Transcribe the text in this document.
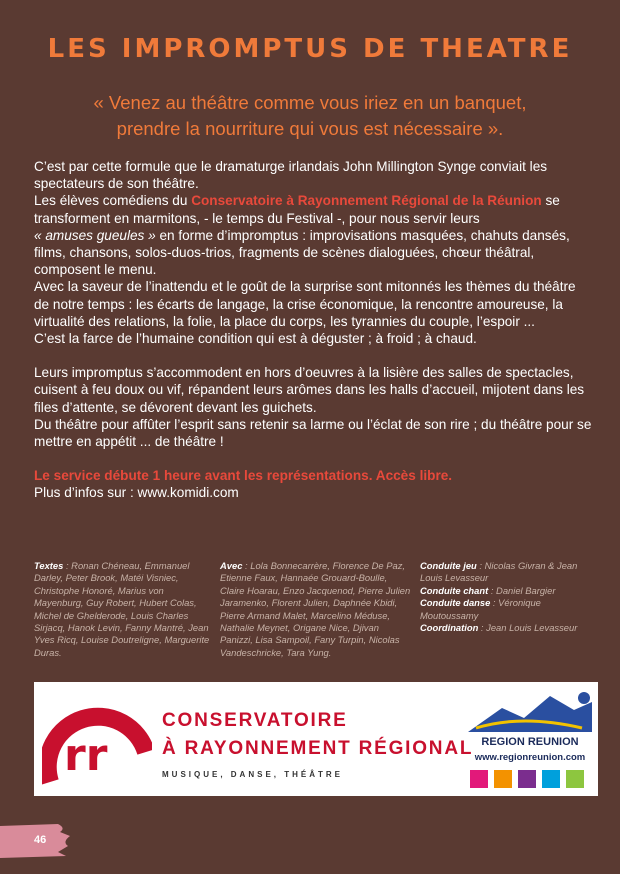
LES IMPROMPTUS DE THEATRE
« Venez au théâtre comme vous iriez en un banquet,
prendre la nourriture qui vous est nécessaire ».

C’est par cette formule que le dramaturge irlandais John Millington Synge conviait les spectateurs de son théâtre.

Les élèves comédiens du Conservatoire à Rayonnement Régional de la Réunion se transforment en marmitons, - le temps du Festival -, pour nous servir leurs

« amuses gueules » en forme d’impromptus : improvisations masquées, chahuts dansés, films, chansons, solos-duos-trios, fragments de scènes dialoguées, chœur théâtral, composent le menu.

Avec la saveur de l’inattendu et le goût de la surprise sont mitonnés les thèmes du théâtre de notre temps : les écarts de langage, la crise économique, la rencontre amoureuse, la virtualité des relations, la folie, la place du corps, les tyrannies du couple, l’espoir ...

C’est la farce de l’humaine condition qui est à déguster ; à froid ; à chaud.

Leurs impromptus s’accommodent en hors d’oeuvres à la lisière des salles de spectacles, cuisent à feu doux ou vif, répandent leurs arômes dans les halls d’accueil, mijotent dans les files d’attente, se dévorent devant les guichets.

Du théâtre pour affûter l’esprit sans retenir sa larme ou l’éclat de son rire ; du théâtre pour se mettre en appétit ... de théâtre !

Le service débute 1 heure avant les représentations. Accès libre.

Plus d’infos sur : www.komidi.com

Textes : Ronan Chéneau, Emmanuel Darley, Peter Brook, Matéi Visniec, Christophe Honoré, Marius von Mayenburg, Guy Robert, Hubert Colas, Michel de Ghelderode, Louis Charles Sirjacq, Hanok Levin, Fanny Mantré, Jean Yves Ricq, Louise Doutreligne, Marguerite Duras.
Avec : Lola Bonnecarrère, Florence De Paz, Etienne Faux, Hannaée Grouard-Boulle, Claire Hoarau, Enzo Jacquenod, Pierre Julien Jaramenko, Florent Julien, Daphnée Kbidi, Pierre Armand Malet, Marcelino Méduse, Nathalie Meynet, Origane Nice, Djivan Panizzi, Lisa Sampoil, Fany Turpin, Nicolas Vandeschricke, Tara Yung.
Conduite jeu : Nicolas Givran & Jean Louis Levasseur
Conduite chant : Daniel Bargier
Conduite danse : Véronique Moutoussamy
Coordination : Jean Louis Levasseur
rr
CONSERVATOIRE
À RAYONNEMENT RÉGIONAL
MUSIQUE, DANSE, THÉÂTRE
REGION REUNION
www.regionreunion.com
46
